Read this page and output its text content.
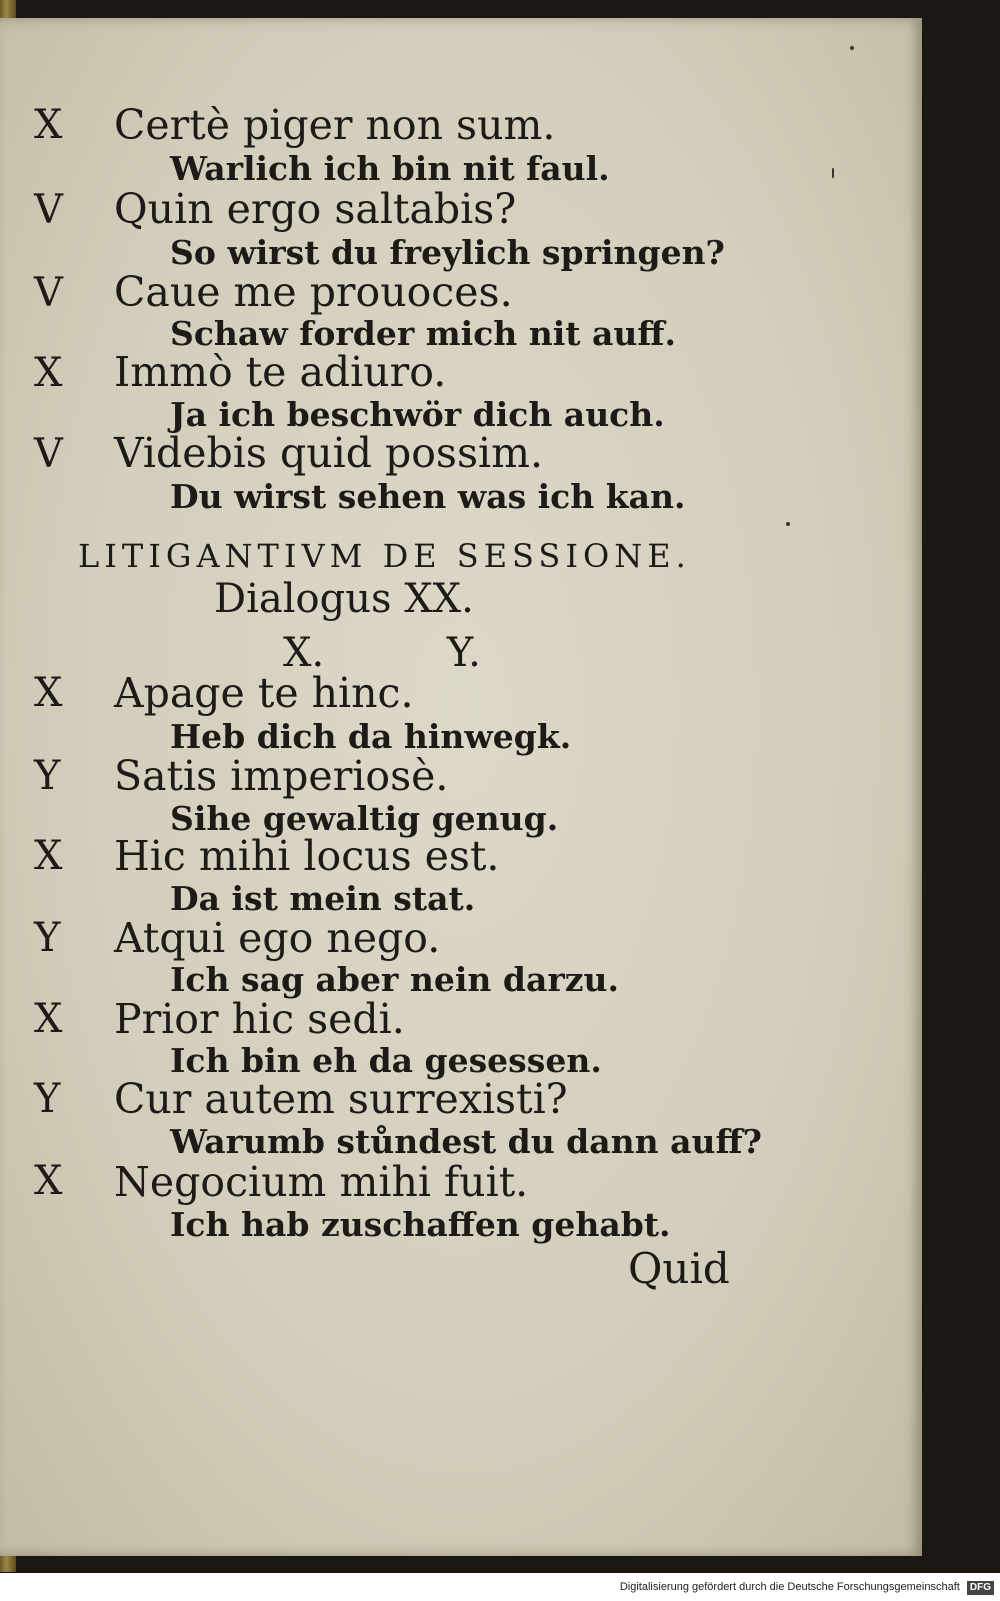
X Certè piger non sum.
Warlich ich bin nit faul.
V Quin ergo saltabis?
So wirst du freylich springen?
V Caue me prouoces.
Schaw forder mich nit auff.
X Immò te adiuro.
Ja ich beschwör dich auch.
V Videbis quid possim.
Du wirst sehen was ich kan.
LITIGANTIVM DE SESSIONE.
Dialogus XX.
X. Y.
X Apage te hinc.
Heb dich da hinwegk.
Y Satis imperiosè.
Sihe gewaltig genug.
X Hic mihi locus est.
Da ist mein stat.
Y Atqui ego nego.
Ich sag aber nein darzu.
X Prior hic sedi.
Ich bin eh da gesessen.
Y Cur autem surrexisti?
Warumb stůndest du dann auff?
X Negocium mihi fuit.
Ich hab zuschaffen gehabt.
Quid
Digitalisierung gefördert durch die Deutsche Forschungsgemeinschaft DFG
